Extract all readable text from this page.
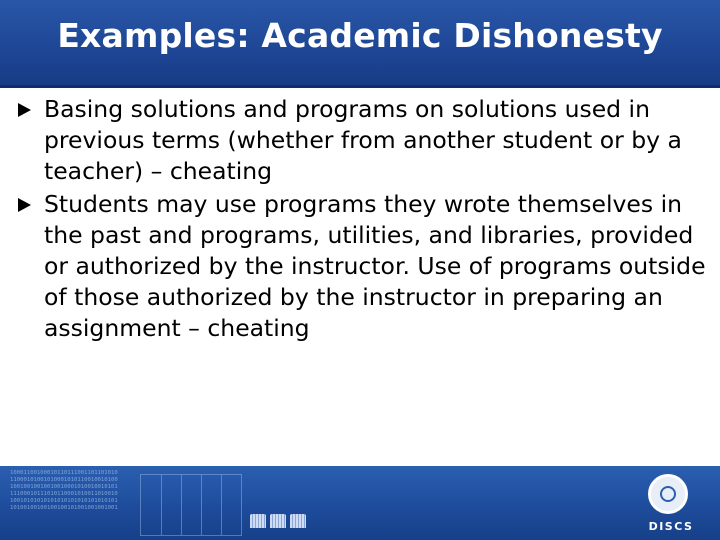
Examples: Academic Dishonesty
Basing solutions and programs on solutions used in previous terms (whether from another student or by a teacher) – cheating
Students may use programs they wrote themselves in the past and programs, utilities, and libraries, provided or authorized by the instructor. Use of programs outside of those authorized by the instructor in preparing an assignment – cheating
10001100100010110111001101101010
11000101001010001010110010010100
10010010010010010001010010010101
11100010111010110001010011010010
10010101010101010101010101010101
10100100100100100101001001001001
DISCS
